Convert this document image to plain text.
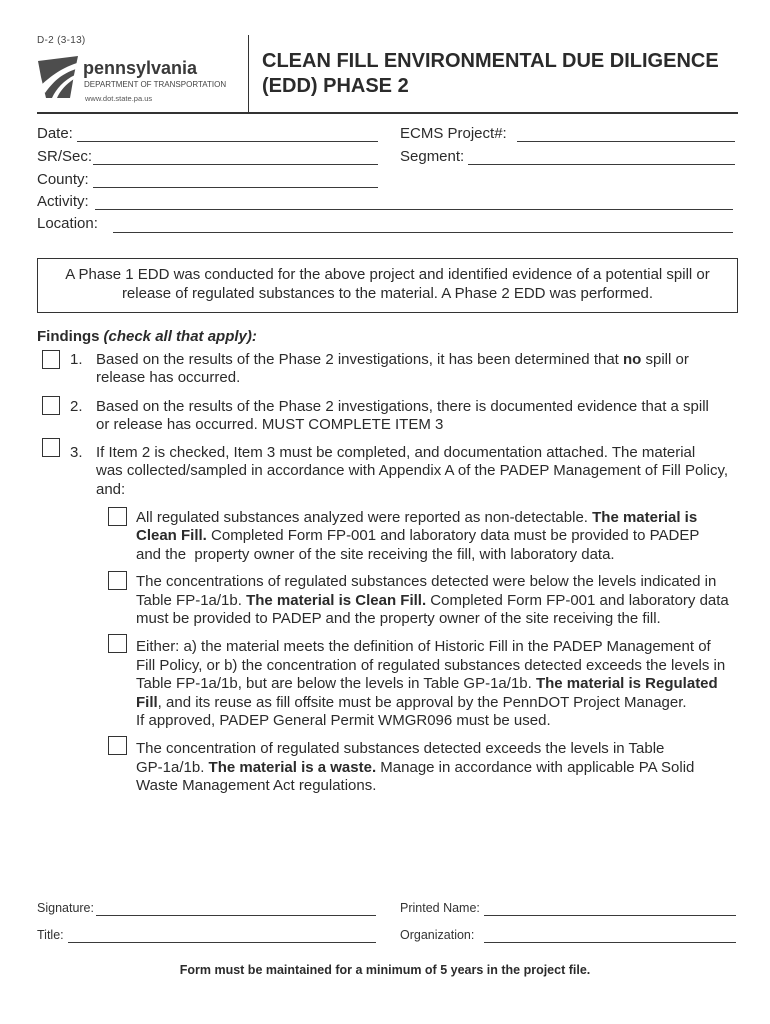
D-2 (3-13)
pennsylvania
DEPARTMENT OF TRANSPORTATION
www.dot.state.pa.us
CLEAN FILL ENVIRONMENTAL DUE DILIGENCE
(EDD) PHASE 2
Date:	ECMS Project#:
SR/Sec:	Segment:
County:
Activity:
Location:
A Phase 1 EDD was conducted for the above project and identified evidence of a potential spill or
release of regulated substances to the material. A Phase 2 EDD was performed.
Findings (check all that apply):
1. Based on the results of the Phase 2 investigations, it has been determined that no spill or
release has occurred.
2. Based on the results of the Phase 2 investigations, there is documented evidence that a spill
or release has occurred. MUST COMPLETE ITEM 3
3. If Item 2 is checked, Item 3 must be completed, and documentation attached. The material
was collected/sampled in accordance with Appendix A of the PADEP Management of Fill Policy,
and:
All regulated substances analyzed were reported as non-detectable. The material is
Clean Fill. Completed Form FP-001 and laboratory data must be provided to PADEP
and the  property owner of the site receiving the fill, with laboratory data.
The concentrations of regulated substances detected were below the levels indicated in
Table FP-1a/1b. The material is Clean Fill. Completed Form FP-001 and laboratory data
must be provided to PADEP and the property owner of the site receiving the fill.
Either: a) the material meets the definition of Historic Fill in the PADEP Management of
Fill Policy, or b) the concentration of regulated substances detected exceeds the levels in
Table FP-1a/1b, but are below the levels in Table GP-1a/1b. The material is Regulated
Fill, and its reuse as fill offsite must be approval by the PennDOT Project Manager.
If approved, PADEP General Permit WMGR096 must be used.
The concentration of regulated substances detected exceeds the levels in Table
GP-1a/1b. The material is a waste. Manage in accordance with applicable PA Solid
Waste Management Act regulations.
Signature:	Printed Name:
Title:	Organization:
Form must be maintained for a minimum of 5 years in the project file.
